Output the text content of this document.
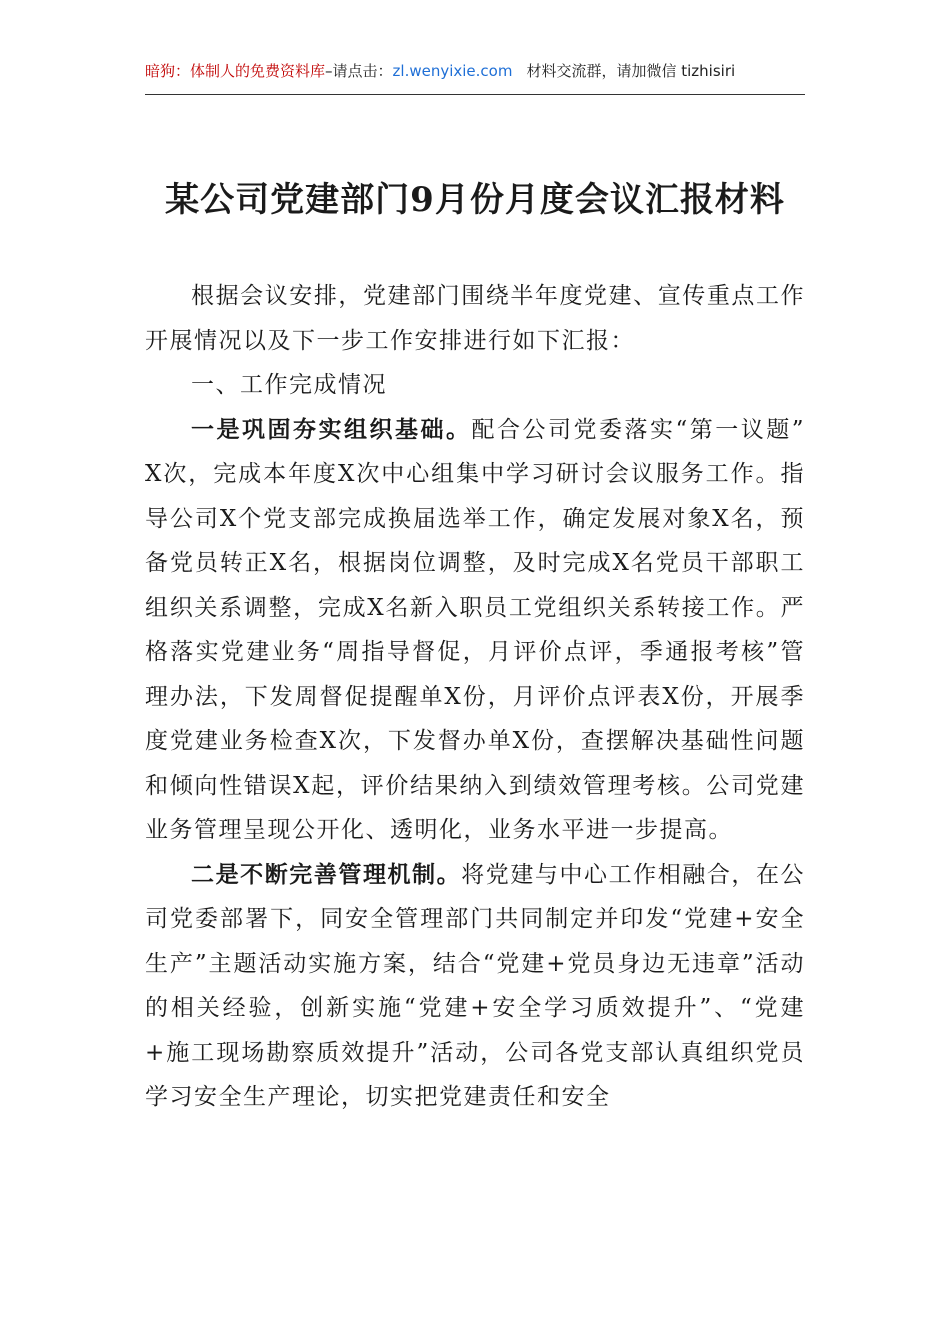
暗狗：体制人的免费资料库–请点击：zl.wenyixie.com 材料交流群，请加微信 tizhisiri
某公司党建部门9月份月度会议汇报材料

根据会议安排，党建部门围绕半年度党建、宣传重点工作开展情况以及下一步工作安排进行如下汇报：

一、工作完成情况

一是巩固夯实组织基础。配合公司党委落实“第一议题” X次，完成本年度X次中心组集中学习研讨会议服务工作。指导公司X个党支部完成换届选举工作，确定发展对象X名，预备党员转正X名，根据岗位调整，及时完成X名党员干部职工组织关系调整，完成X名新入职员工党组织关系转接工作。严格落实党建业务“周指导督促，月评价点评，季通报考核”管理办法，下发周督促提醒单X份，月评价点评表X份，开展季度党建业务检查X次，下发督办单X份，查摆解决基础性问题和倾向性错误X起，评价结果纳入到绩效管理考核。公司党建业务管理呈现公开化、透明化，业务水平进一步提高。

二是不断完善管理机制。将党建与中心工作相融合，在公司党委部署下，同安全管理部门共同制定并印发“党建+安全生产”主题活动实施方案，结合“党建+党员身边无违章”活动的相关经验，创新实施“党建+安全学习质效提升”、“党建+施工现场勘察质效提升”活动，公司各党支部认真组织党员学习安全生产理论，切实把党建责任和安全
